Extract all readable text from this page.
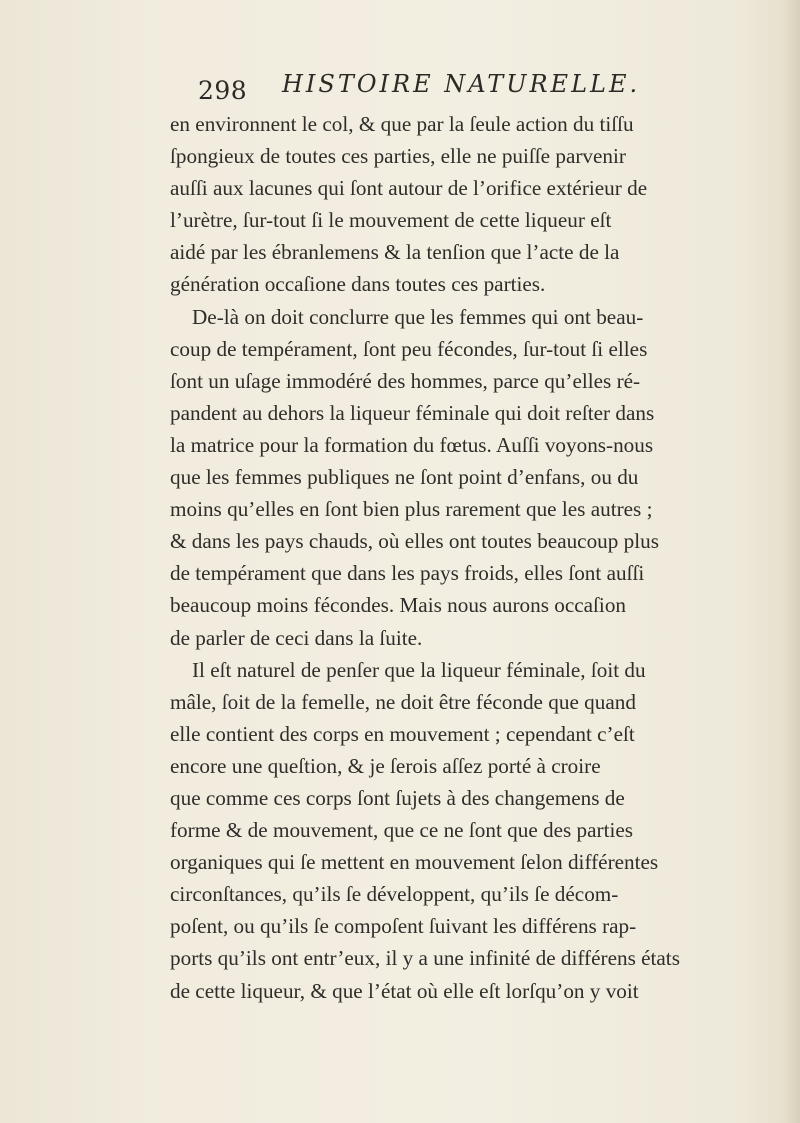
298 HISTOIRE NATURELLE.
en environnent le col, & que par la ſeule action du tiſſu
ſpongieux de toutes ces parties, elle ne puiſſe parvenir
auſſi aux lacunes qui ſont autour de l’orifice extérieur de
l’urètre, ſur-tout ſi le mouvement de cette liqueur eſt
aidé par les ébranlemens & la tenſion que l’acte de la
génération occaſione dans toutes ces parties.
De-là on doit conclurre que les femmes qui ont beau-
coup de tempérament, ſont peu fécondes, ſur-tout ſi elles
ſont un uſage immodéré des hommes, parce qu’elles ré-
pandent au dehors la liqueur féminale qui doit reſter dans
la matrice pour la formation du fœtus. Auſſi voyons-nous
que les femmes publiques ne ſont point d’enfans, ou du
moins qu’elles en ſont bien plus rarement que les autres ;
& dans les pays chauds, où elles ont toutes beaucoup plus
de tempérament que dans les pays froids, elles ſont auſſi
beaucoup moins fécondes. Mais nous aurons occaſion
de parler de ceci dans la ſuite.
Il eſt naturel de penſer que la liqueur féminale, ſoit du
mâle, ſoit de la femelle, ne doit être féconde que quand
elle contient des corps en mouvement ; cependant c’eſt
encore une queſtion, & je ſerois aſſez porté à croire
que comme ces corps ſont ſujets à des changemens de
forme & de mouvement, que ce ne ſont que des parties
organiques qui ſe mettent en mouvement ſelon différentes
circonſtances, qu’ils ſe développent, qu’ils ſe décom-
poſent, ou qu’ils ſe compoſent ſuivant les différens rap-
ports qu’ils ont entr’eux, il y a une infinité de différens états
de cette liqueur, & que l’état où elle eſt lorſqu’on y voit
